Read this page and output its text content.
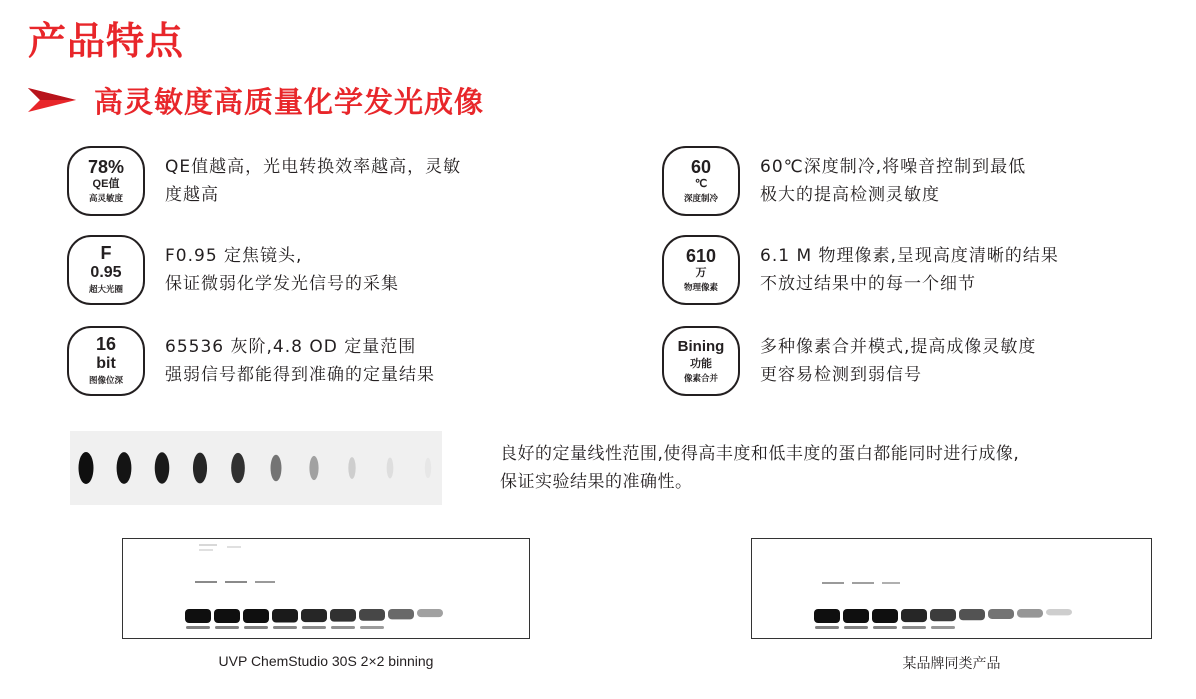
产品特点
高灵敏度高质量化学发光成像
78%
QE值
高灵敏度
QE值越高，光电转换效率越高，灵敏
度越高
60
℃
深度制冷
60℃深度制冷,将噪音控制到最低
极大的提高检测灵敏度
F
0.95
超大光圈
F0.95 定焦镜头,
保证微弱化学发光信号的采集
610
万
物理像素
6.1 M 物理像素,呈现高度清晰的结果
不放过结果中的每一个细节
16
bit
图像位深
65536 灰阶,4.8 OD 定量范围
强弱信号都能得到准确的定量结果
Bining
功能
像素合并
多种像素合并模式,提高成像灵敏度
更容易检测到弱信号
良好的定量线性范围,使得高丰度和低丰度的蛋白都能同时进行成像,
保证实验结果的准确性。
UVP ChemStudio 30S 2×2 binning	某品牌同类产品
